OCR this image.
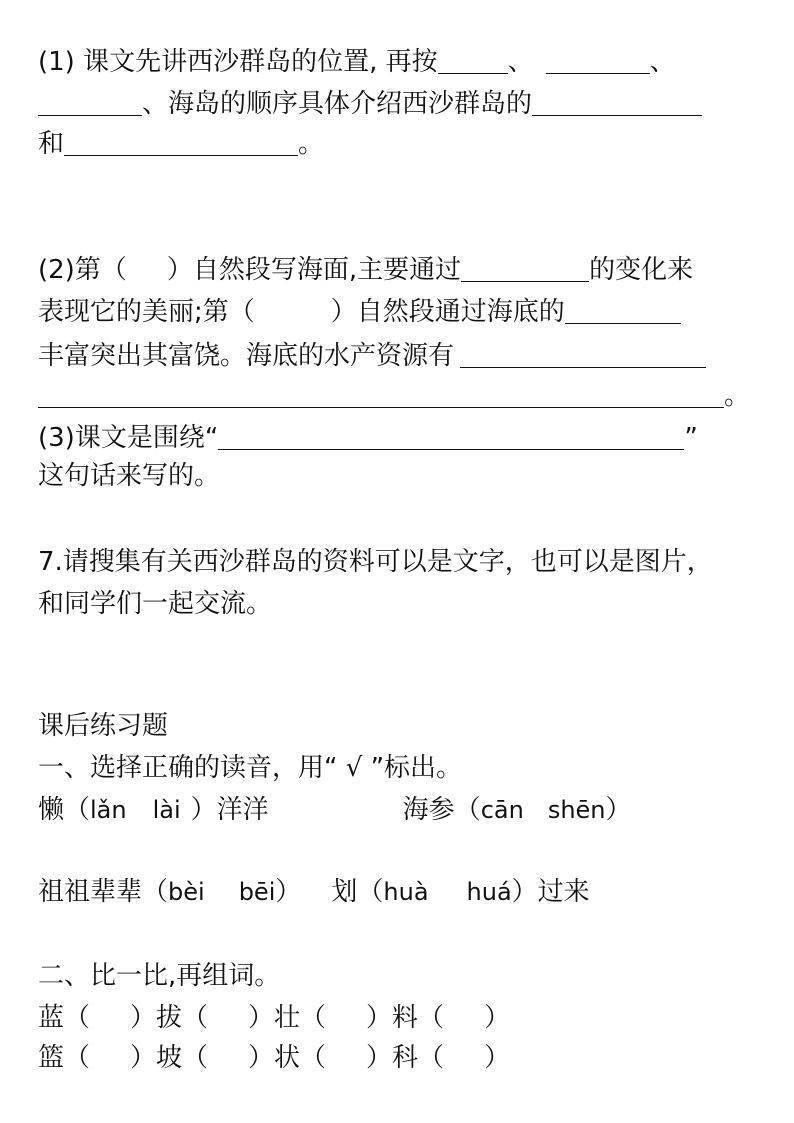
(1) 课文先讲西沙群岛的位置, 再按	、	、
、海岛的顺序具体介绍西沙群岛的
和	。
(2)第（ ）自然段写海面,主要通过	的变化来
表现它的美丽;第（	）自然段通过海底的
丰富突出其富饶。海底的水产资源有
。
(3)课文是围绕“	”
这句话来写的。
7.请搜集有关西沙群岛的资料可以是文字，也可以是图片，
和同学们一起交流。
课后练习题
一、选择正确的读音，用“ √ ”标出。
懒（lǎn lài ）洋洋	海参（cān shēn）
祖祖辈辈（bèi bēi） 划（huà huá）过来
二、比一比,再组词。
蓝（ ）拔（ ）壮（ ）料（ ）
篮（ ）坡（ ）状（ ）科（ ）
